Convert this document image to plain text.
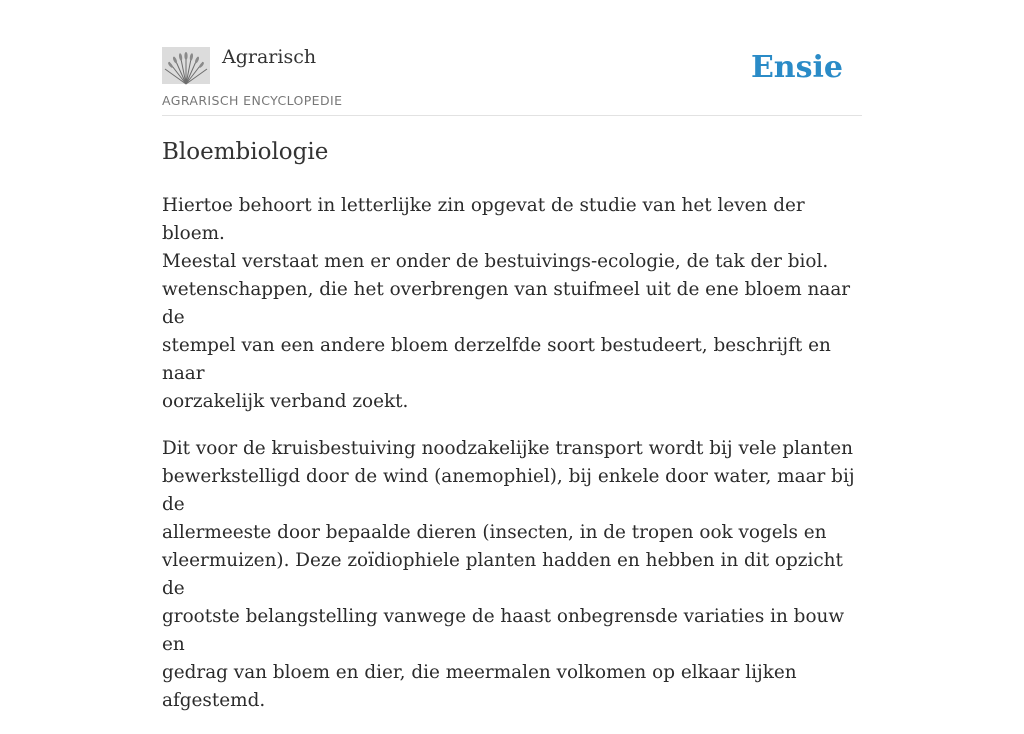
Agrarisch
AGRARISCH ENCYCLOPEDIE
Ensie
Bloembiologie

Hiertoe behoort in letterlijke zin opgevat de studie van het leven der bloem.
Meestal verstaat men er onder de bestuivings-ecologie, de tak der biol.
wetenschappen, die het overbrengen van stuifmeel uit de ene bloem naar de
stempel van een andere bloem derzelfde soort bestudeert, beschrijft en naar
oorzakelijk verband zoekt.

Dit voor de kruisbestuiving noodzakelijke transport wordt bij vele planten
bewerkstelligd door de wind (anemophiel), bij enkele door water, maar bij de
allermeeste door bepaalde dieren (insecten, in de tropen ook vogels en
vleermuizen). Deze zoïdiophiele planten hadden en hebben in dit opzicht de
grootste belangstelling vanwege de haast onbegrensde variaties in bouw en
gedrag van bloem en dier, die meermalen volkomen op elkaar lijken afgestemd.
